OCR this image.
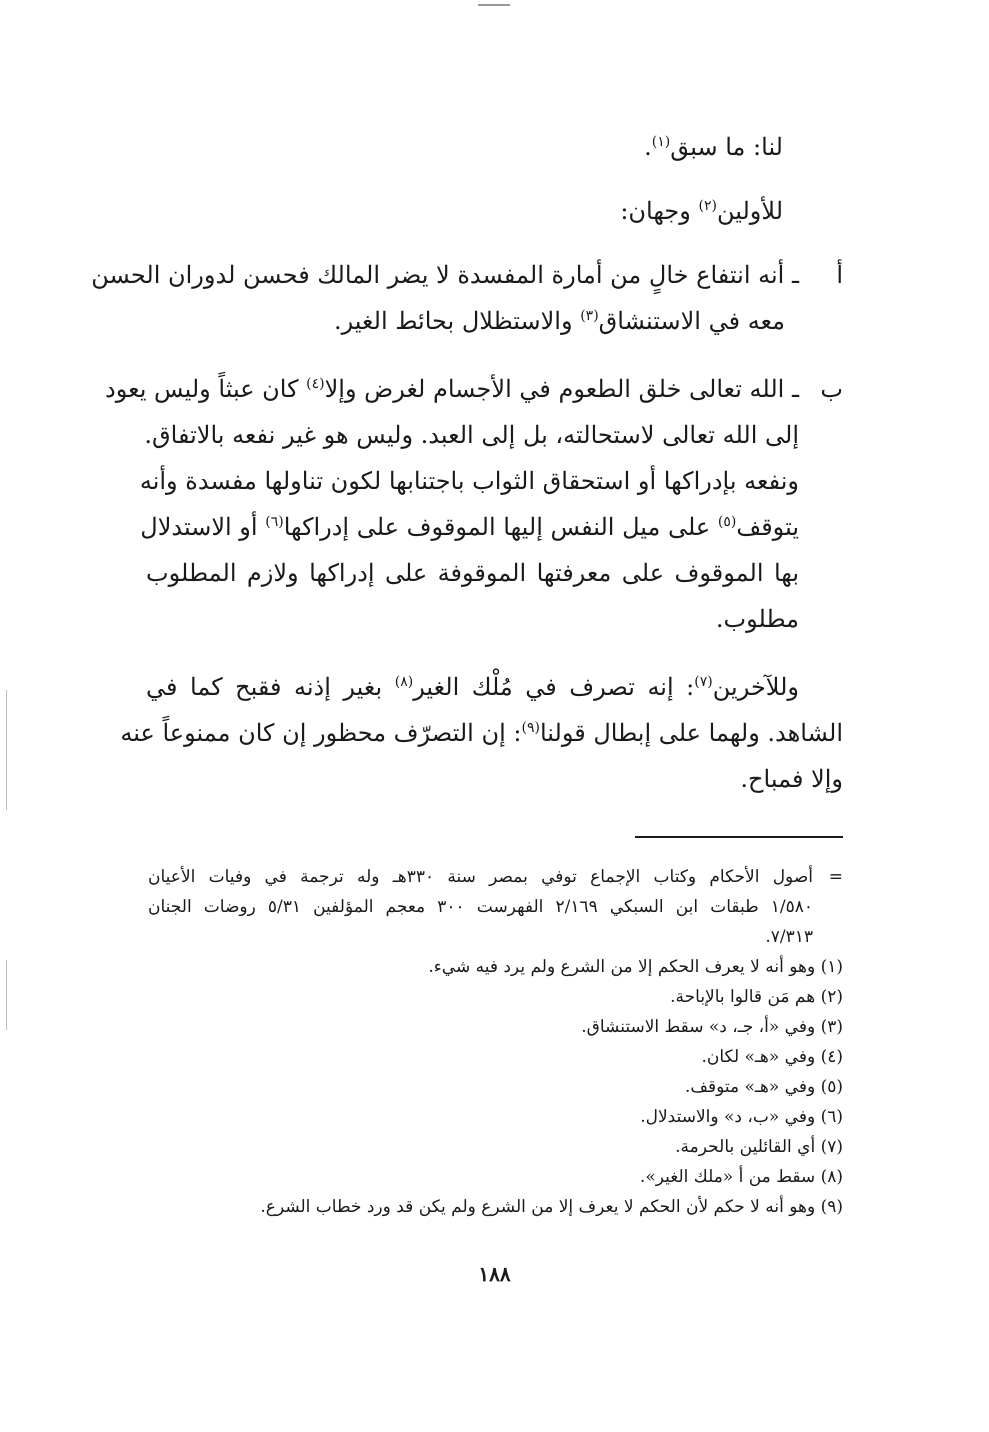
لنا: ما سبق$^{(١)}$.
للأولين$^{(٢)}$ وجهان:
أ
ـ أنه انتفاع خالٍ من أمارة المفسدة لا يضر المالك فحسن لدوران الحسن
معه في الاستنشاق$^{(٣)}$ والاستظلال بحائط الغير.
ب
ـ الله تعالى خلق الطعوم في الأجسام لغرض وإلا$^{(٤)}$ كان عبثاً وليس يعود
إلى الله تعالى لاستحالته، بل إلى العبد. وليس هو غير نفعه بالاتفاق.
ونفعه بإدراكها أو استحقاق الثواب باجتنابها لكون تناولها مفسدة وأنه
يتوقف$^{(٥)}$ على ميل النفس إليها الموقوف على إدراكها$^{(٦)}$ أو الاستدلال
بها الموقوف على معرفتها الموقوفة على إدراكها ولازم المطلوب
مطلوب.
وللآخرين$^{(٧)}$: إنه تصرف في مُلْك الغير$^{(٨)}$ بغير إذنه فقبح كما في
الشاهد. ولهما على إبطال قولنا$^{(٩)}$: إن التصرّف محظور إن كان ممنوعاً عنه
وإلا فمباح.
=
أصول الأحكام وكتاب الإجماع توفي بمصر سنة ٣٣٠هـ وله ترجمة في وفيات الأعيان
١/٥٨٠ طبقات ابن السبكي ٢/١٦٩ الفهرست ٣٠٠ معجم المؤلفين ٥/٣١ روضات الجنان
٧/٣١٣.
(١) وهو أنه لا يعرف الحكم إلا من الشرع ولم يرد فيه شيء.
(٢) هم مَن قالوا بالإباحة.
(٣) وفي «أ، جـ، د» سقط الاستنشاق.
(٤) وفي «هـ» لكان.
(٥) وفي «هـ» متوقف.
(٦) وفي «ب، د» والاستدلال.
(٧) أي القائلين بالحرمة.
(٨) سقط من أ «ملك الغير».
(٩) وهو أنه لا حكم لأن الحكم لا يعرف إلا من الشرع ولم يكن قد ورد خطاب الشرع.
١٨٨
